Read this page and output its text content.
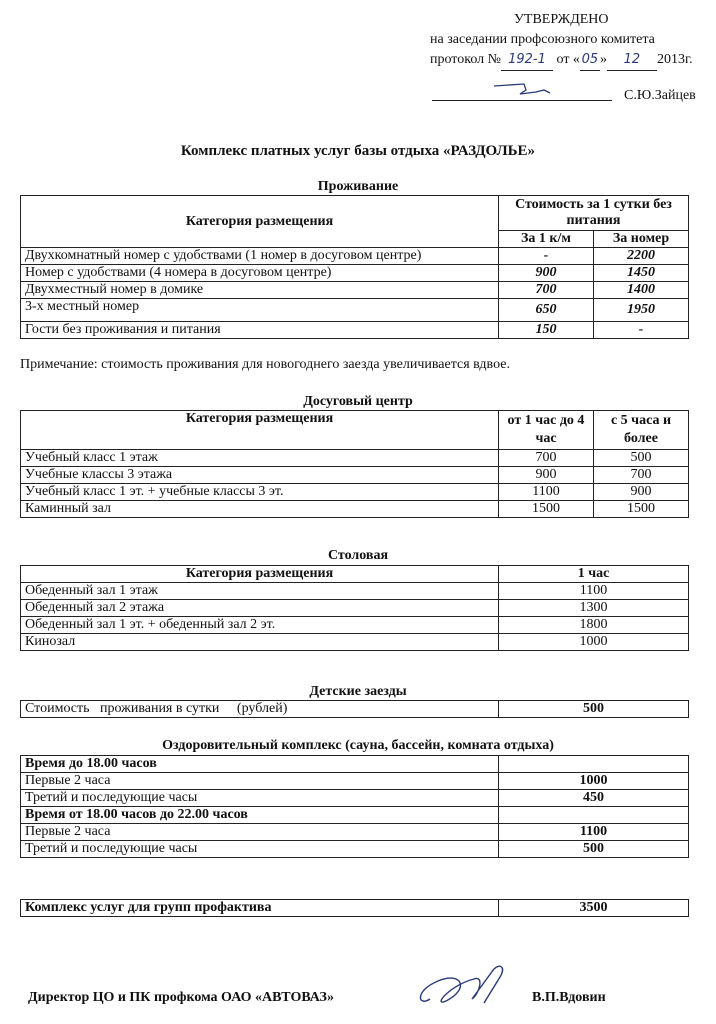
УТВЕРЖДЕНО
на заседании профсоюзного комитета
протокол № 192-1 от « 05 » 12 2013г.
С.Ю.Зайцев
Комплекс платных услуг базы отдыха «РАЗДОЛЬЕ»
Проживание
Категория размещения	Стоимость за 1 сутки без питания	
	За 1 к/м	За номер
Двухкомнатный номер с удобствами (1 номер в досуговом центре)	-	2200
Номер с удобствами (4 номера в досуговом центре)	900	1450
Двухместный номер в домике	700	1400
3-х местный номер	650	1950
Гости без проживания и питания	150	-
Примечание: стоимость проживания для новогоднего заезда увеличивается вдвое.
Досуговый центр
Категория размещения	от 1 час до 4 час	с 5 часа и более
Учебный класс 1 этаж	700	500
Учебные классы 3 этажа	900	700
Учебный класс 1 эт. + учебные классы 3 эт.	1100	900
Каминный зал	1500	1500
Столовая
Категория размещения	1 час
Обеденный зал 1 этаж	1100
Обеденный зал 2 этажа	1300
Обеденный зал 1 эт. + обеденный зал 2 эт.	1800
Кинозал	1000
Детские заезды
Стоимость   проживания в сутки     (рублей)	500
Оздоровительный комплекс (сауна, бассейн, комната отдыха)
Время до 18.00 часов	
Первые 2 часа	1000
Третий и последующие часы	450
Время от 18.00 часов до 22.00 часов	
Первые 2 часа	1100
Третий и последующие часы	500
Комплекс услуг для групп профактива	3500
Директор ЦО и ПК профкома ОАО «АВТОВАЗ»	В.П.Вдовин
